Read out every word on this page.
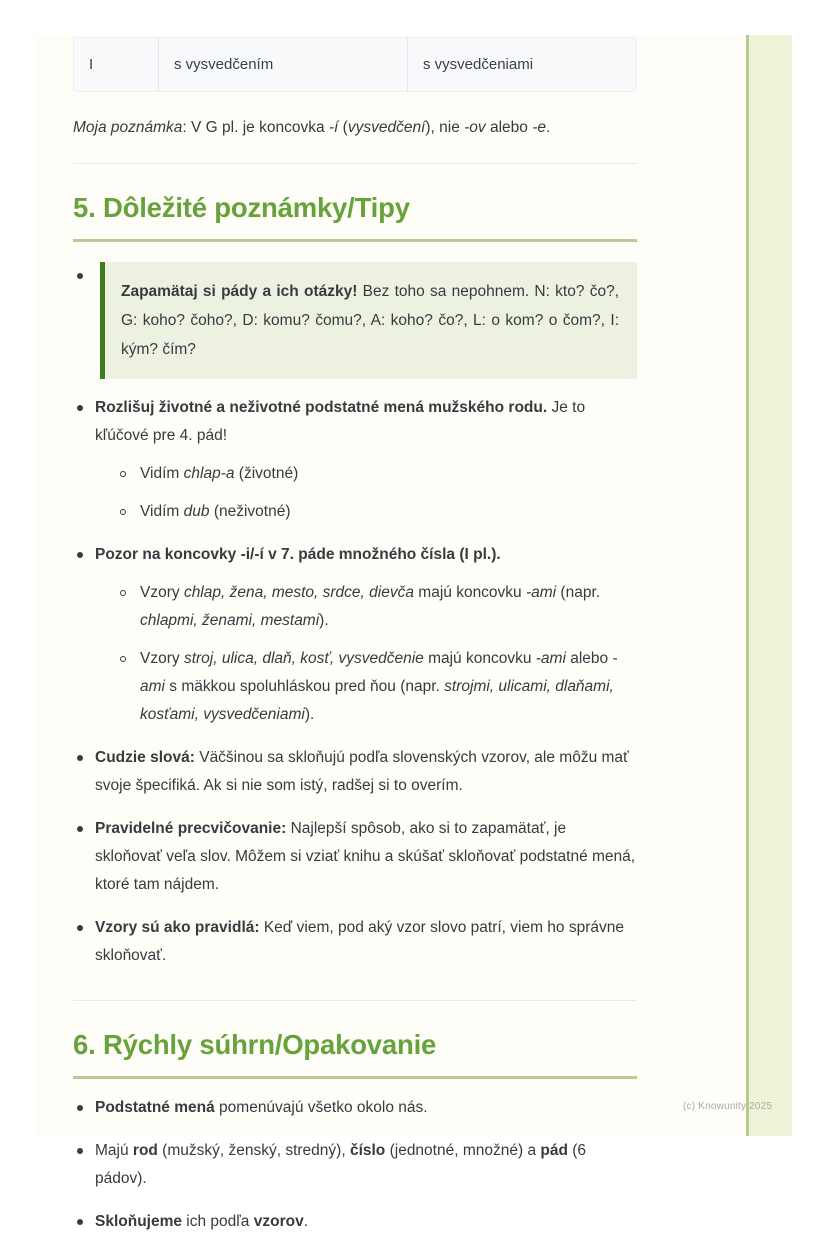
I	s vysvedčením	s vysvedčeniami

Moja poznámka: V G pl. je koncovka -í (vysvedčení), nie -ov alebo -e.

5. Dôležité poznámky/Tipy

Zapamätaj si pády a ich otázky! Bez toho sa nepohnem. N: kto? čo?, G: koho? čoho?, D: komu? čomu?, A: koho? čo?, L: o kom? o čom?, I: kým? čím?

Rozlišuj životné a neživotné podstatné mená mužského rodu. Je to kľúčové pre 4. pád!

Vidím chlap-a (životné)

Vidím dub (neživotné)

Pozor na koncovky -i/-í v 7. páde množného čísla (I pl.).

Vzory chlap, žena, mesto, srdce, dievča majú koncovku -ami (napr. chlapmi, ženami, mestami).

Vzory stroj, ulica, dlaň, kosť, vysvedčenie majú koncovku -ami alebo -ami s mäkkou spoluhláskou pred ňou (napr. strojmi, ulicami, dlaňami, kosťami, vysvedčeniami).

Cudzie slová: Väčšinou sa skloňujú podľa slovenských vzorov, ale môžu mať svoje špecifiká. Ak si nie som istý, radšej si to overím.

Pravidelné precvičovanie: Najlepší spôsob, ako si to zapamätať, je skloňovať veľa slov. Môžem si vziať knihu a skúšať skloňovať podstatné mená, ktoré tam nájdem.

Vzory sú ako pravidlá: Keď viem, pod aký vzor slovo patrí, viem ho správne skloňovať.

6. Rýchly súhrn/Opakovanie

Podstatné mená pomenúvajú všetko okolo nás.

Majú rod (mužský, ženský, stredný), číslo (jednotné, množné) a pád (6 pádov).

Skloňujeme ich podľa vzorov.

(c) Knowunity 2025
